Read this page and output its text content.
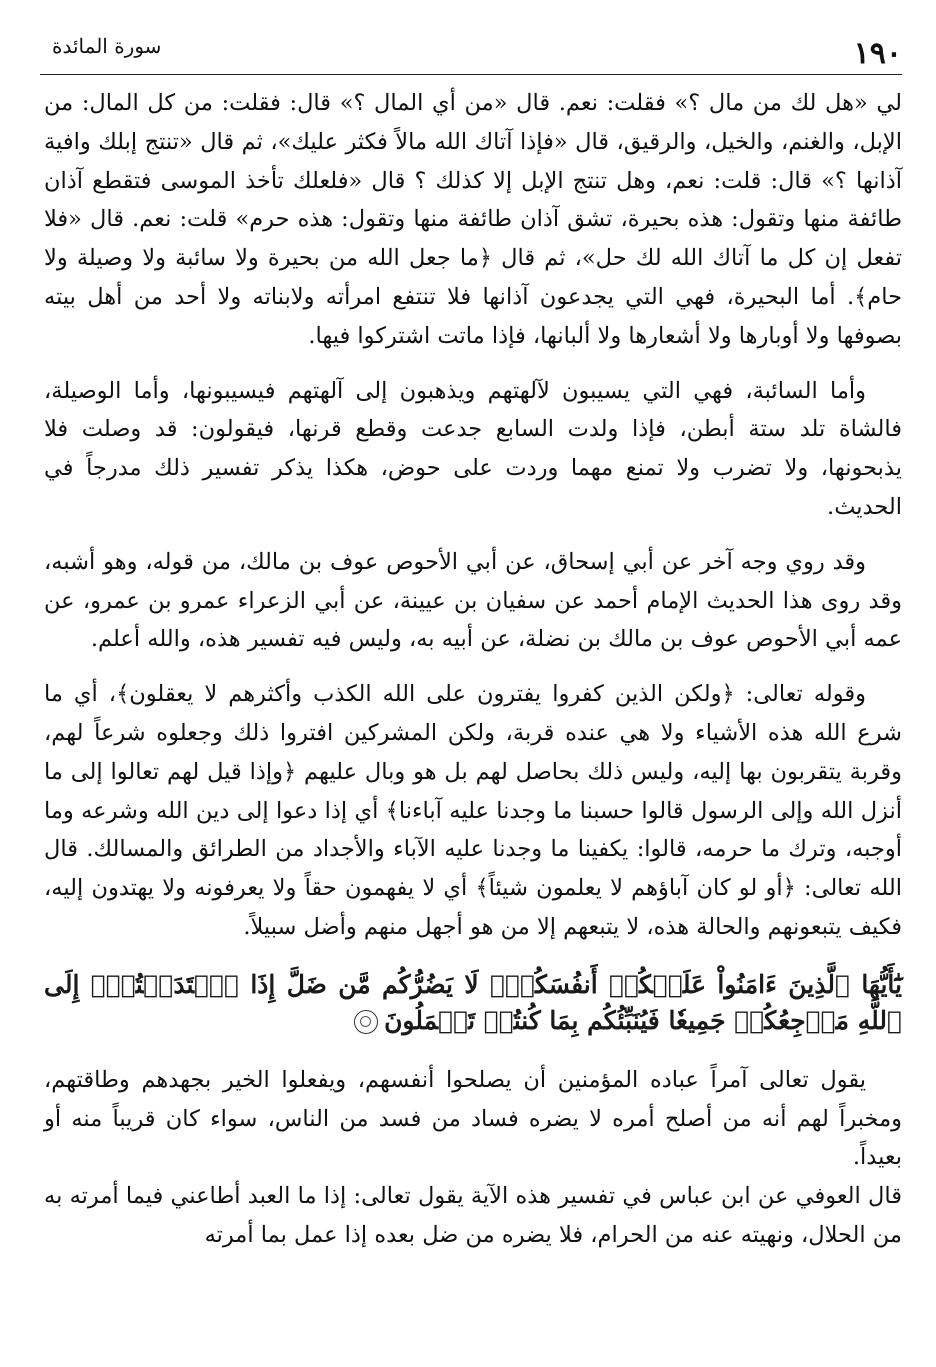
١٩٠
سورة المائدة

لي «هل لك من مال ؟» فقلت: نعم. قال «من أي المال ؟» قال: فقلت: من كل المال: من الإبل، والغنم، والخيل، والرقيق، قال «فإذا آتاك الله مالاً فكثر عليك»، ثم قال «تنتج إبلك وافية آذانها ؟» قال: قلت: نعم، وهل تنتج الإبل إلا كذلك ؟ قال «فلعلك تأخذ الموسى فتقطع آذان طائفة منها وتقول: هذه بحيرة، تشق آذان طائفة منها وتقول: هذه حرم» قلت: نعم. قال «فلا تفعل إن كل ما آتاك الله لك حل»، ثم قال ﴿ما جعل الله من بحيرة ولا سائبة ولا وصيلة ولا حام﴾. أما البحيرة، فهي التي يجدعون آذانها فلا تنتفع امرأته ولابناته ولا أحد من أهل بيته بصوفها ولا أوبارها ولا أشعارها ولا ألبانها، فإذا ماتت اشتركوا فيها.

وأما السائبة، فهي التي يسيبون لآلهتهم ويذهبون إلى آلهتهم فيسيبونها، وأما الوصيلة، فالشاة تلد ستة أبطن، فإذا ولدت السابع جدعت وقطع قرنها، فيقولون: قد وصلت فلا يذبحونها، ولا تضرب ولا تمنع مهما وردت على حوض، هكذا يذكر تفسير ذلك مدرجاً في الحديث.

وقد روي وجه آخر عن أبي إسحاق، عن أبي الأحوص عوف بن مالك، من قوله، وهو أشبه، وقد روى هذا الحديث الإمام أحمد عن سفيان بن عيينة، عن أبي الزعراء عمرو بن عمرو، عن عمه أبي الأحوص عوف بن مالك بن نضلة، عن أبيه به، وليس فيه تفسير هذه، والله أعلم.

وقوله تعالى: ﴿ولكن الذين كفروا يفترون على الله الكذب وأكثرهم لا يعقلون﴾، أي ما شرع الله هذه الأشياء ولا هي عنده قربة، ولكن المشركين افتروا ذلك وجعلوه شرعاً لهم، وقربة يتقربون بها إليه، وليس ذلك بحاصل لهم بل هو وبال عليهم ﴿وإذا قيل لهم تعالوا إلى ما أنزل الله وإلى الرسول قالوا حسبنا ما وجدنا عليه آباءنا﴾ أي إذا دعوا إلى دين الله وشرعه وما أوجبه، وترك ما حرمه، قالوا: يكفينا ما وجدنا عليه الآباء والأجداد من الطرائق والمسالك. قال الله تعالى: ﴿أو لو كان آباؤهم لا يعلمون شيئاً﴾ أي لا يفهمون حقاً ولا يعرفونه ولا يهتدون إليه، فكيف يتبعونهم والحالة هذه، لا يتبعهم إلا من هو أجهل منهم وأضل سبيلاً.

يَٰٓأَيُّهَا ٱلَّذِينَ ءَامَنُواْ عَلَيۡكُمۡ أَنفُسَكُمۡۖ لَا يَضُرُّكُم مَّن ضَلَّ إِذَا ٱهۡتَدَيۡتُمۡۚ إِلَى ٱللَّهِ مَرۡجِعُكُمۡ جَمِيعٗا فَيُنَبِّئُكُم بِمَا كُنتُمۡ تَعۡمَلُونَ

يقول تعالى آمراً عباده المؤمنين أن يصلحوا أنفسهم، ويفعلوا الخير بجهدهم وطاقتهم، ومخبراً لهم أنه من أصلح أمره لا يضره فساد من فسد من الناس، سواء كان قريباً منه أو بعيداً.

قال العوفي عن ابن عباس في تفسير هذه الآية يقول تعالى: إذا ما العبد أطاعني فيما أمرته به من الحلال، ونهيته عنه من الحرام، فلا يضره من ضل بعده إذا عمل بما أمرته
